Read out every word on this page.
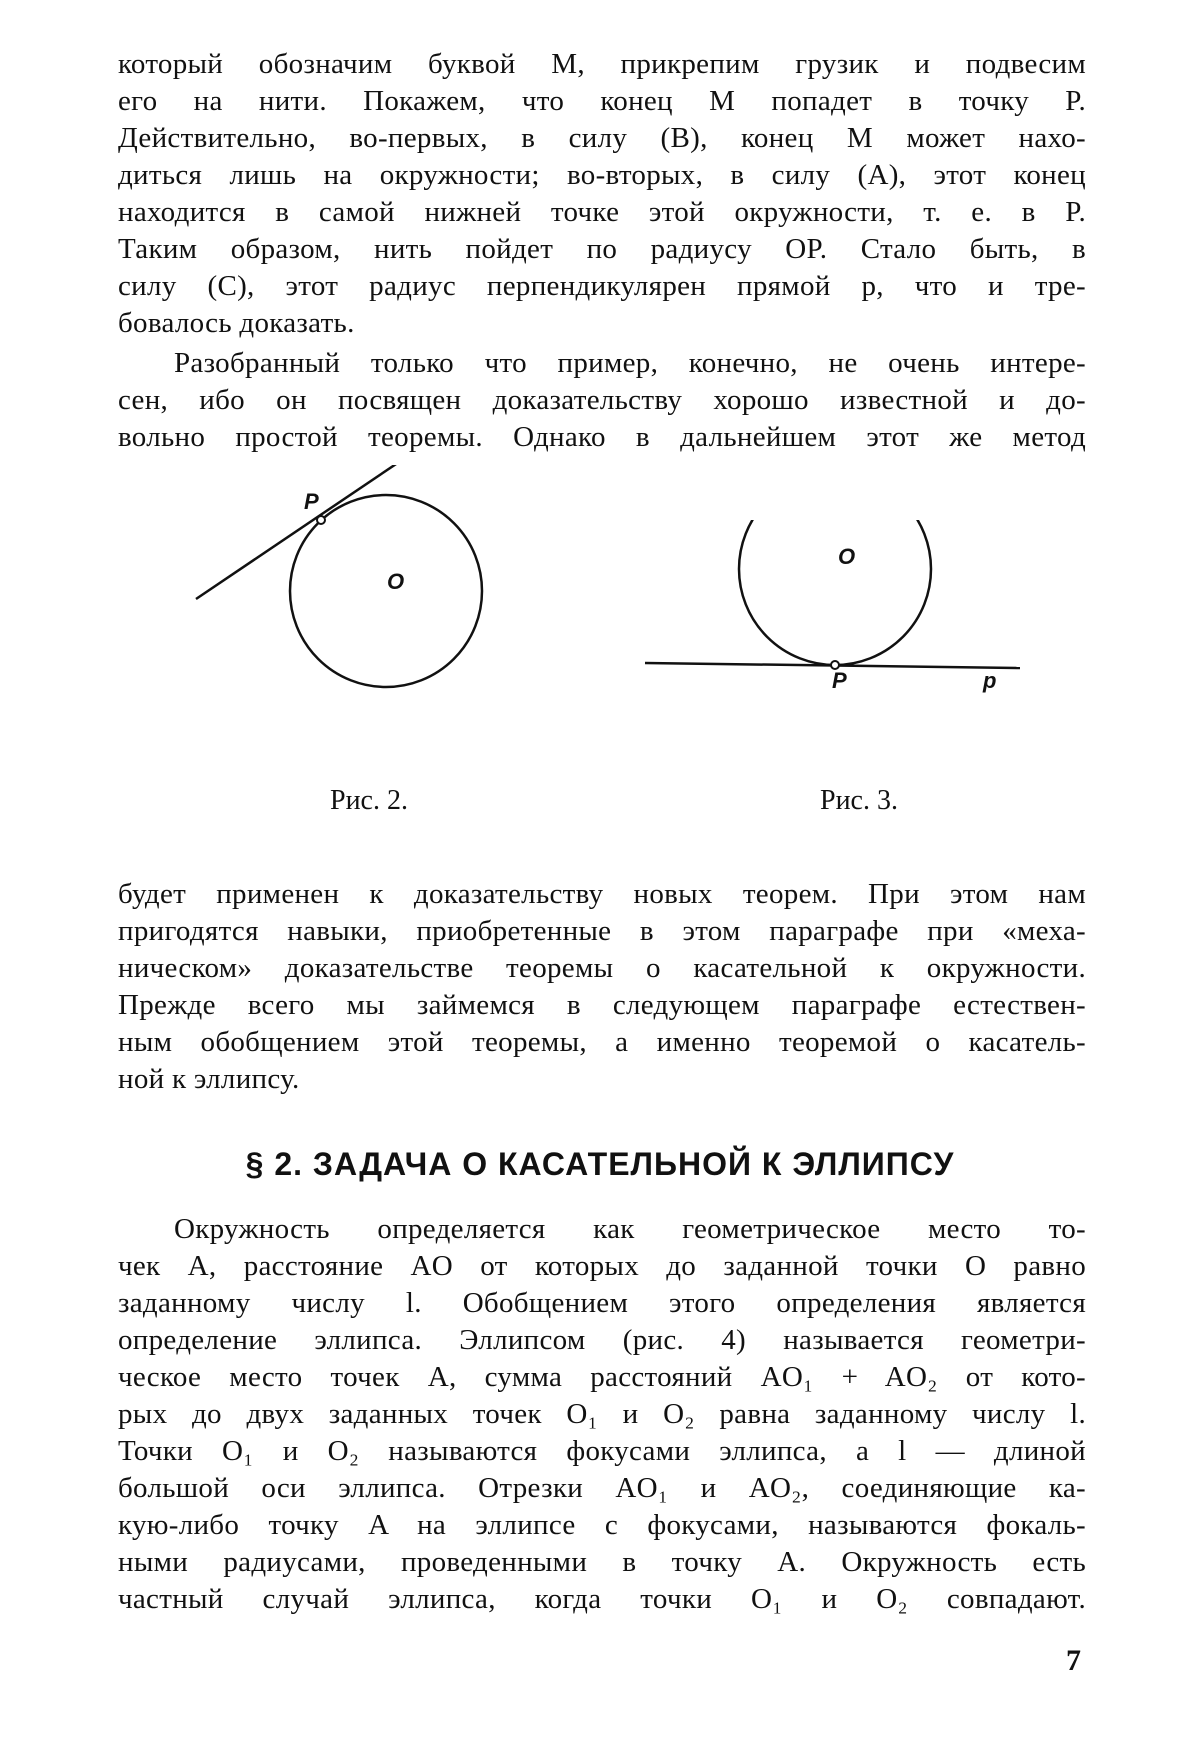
который обозначим буквой M, прикрепим грузик и подвесим
его на нити. Покажем, что конец M попадет в точку P.
Действительно, во-первых, в силу (B), конец M может нахо-
диться лишь на окружности; во-вторых, в силу (A), этот конец
находится в самой нижней точке этой окружности, т. е. в P.
Таким образом, нить пойдет по радиусу OP. Стало быть, в
силу (C), этот радиус перпендикулярен прямой p, что и тре-
бовалось доказать.
Разобранный только что пример, конечно, не очень интере-
сен, ибо он посвящен доказательству хорошо известной и до-
вольно простой теоремы. Однако в дальнейшем этот же метод
P
O
O
P	p
Рис. 2.	Рис. 3.
будет применен к доказательству новых теорем. При этом нам
пригодятся навыки, приобретенные в этом параграфе при «меха-
ническом» доказательстве теоремы о касательной к окружности.
Прежде всего мы займемся в следующем параграфе естествен-
ным обобщением этой теоремы, а именно теоремой о касатель-
ной к эллипсу.
§ 2. ЗАДАЧА О КАСАТЕЛЬНОЙ К ЭЛЛИПСУ
Окружность определяется как геометрическое место то-
чек A, расстояние AO от которых до заданной точки O равно
заданному числу l. Обобщением этого определения является
определение эллипса. Эллипсом (рис. 4) называется геометри-
ческое место точек A, сумма расстояний AO₁ + AO₂ от кото-
рых до двух заданных точек O₁ и O₂ равна заданному числу l.
Точки O₁ и O₂ называются фокусами эллипса, а l — длиной
большой оси эллипса. Отрезки AO₁ и AO₂, соединяющие ка-
кую-либо точку A на эллипсе с фокусами, называются фокаль-
ными радиусами, проведенными в точку A. Окружность есть
частный случай эллипса, когда точки O₁ и O₂ совпадают.
7
